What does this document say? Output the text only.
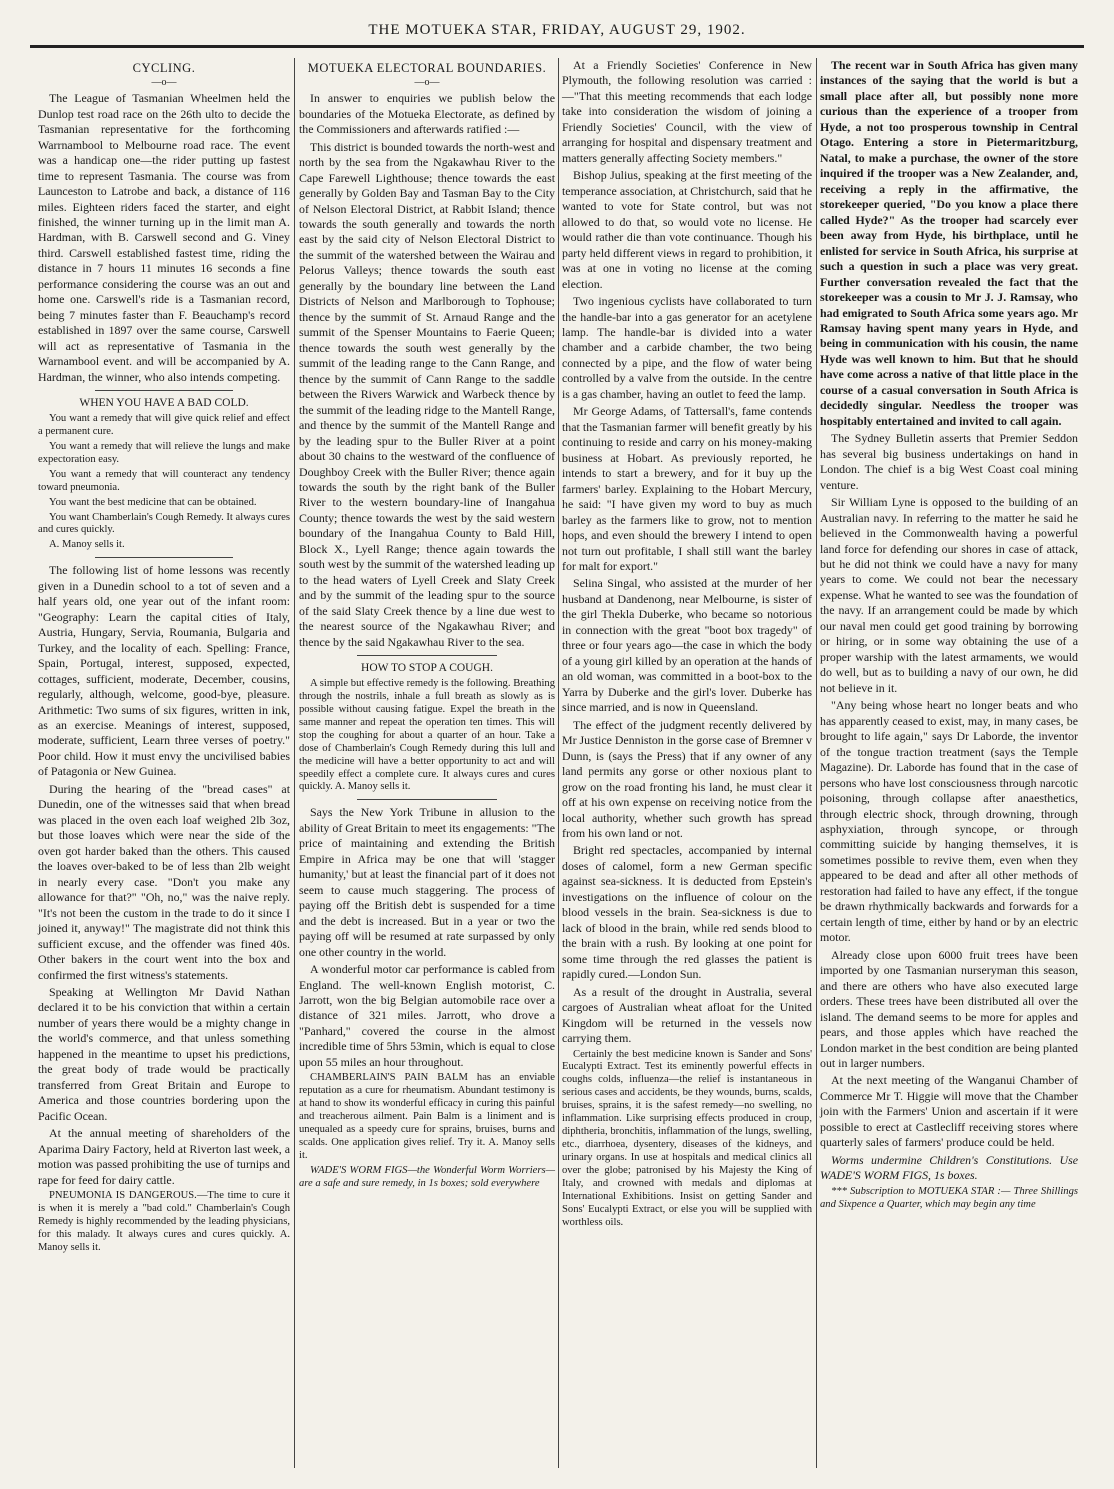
THE MOTUEKA STAR, FRIDAY, AUGUST 29, 1902.
CYCLING.
—o—

The League of Tasmanian Wheelmen held the Dunlop test road race on the 26th ulto to decide the Tasmanian representative for the forthcoming Warrnambool to Melbourne road race. The event was a handicap one—the rider putting up fastest time to represent Tasmania. The course was from Launceston to Latrobe and back, a distance of 116 miles. Eighteen riders faced the starter, and eight finished, the winner turning up in the limit man A. Hardman, with B. Carswell second and G. Viney third. Carswell established fastest time, riding the distance in 7 hours 11 minutes 16 seconds a fine performance considering the course was an out and home one. Carswell's ride is a Tasmanian record, being 7 minutes faster than F. Beauchamp's record established in 1897 over the same course, Carswell will act as representative of Tasmania in the Warnambool event. and will be accompanied by A. Hardman, the winner, who also intends competing.

WHEN YOU HAVE A BAD COLD.

You want a remedy that will give quick relief and effect a permanent cure.

You want a remedy that will relieve the lungs and make expectoration easy.

You want a remedy that will counteract any tendency toward pneumonia.

You want the best medicine that can be obtained.

You want Chamberlain's Cough Remedy. It always cures and cures quickly.

A. Manoy sells it.

The following list of home lessons was recently given in a Dunedin school to a tot of seven and a half years old, one year out of the infant room: "Geography: Learn the capital cities of Italy, Austria, Hungary, Servia, Roumania, Bulgaria and Turkey, and the locality of each. Spelling: France, Spain, Portugal, interest, supposed, expected, cottages, sufficient, moderate, December, cousins, regularly, although, welcome, good-bye, pleasure. Arithmetic: Two sums of six figures, written in ink, as an exercise. Meanings of interest, supposed, moderate, sufficient, Learn three verses of poetry." Poor child. How it must envy the uncivilised babies of Patagonia or New Guinea.

During the hearing of the "bread cases" at Dunedin, one of the witnesses said that when bread was placed in the oven each loaf weighed 2lb 3oz, but those loaves which were near the side of the oven got harder baked than the others. This caused the loaves over-baked to be of less than 2lb weight in nearly every case. "Don't you make any allowance for that?" "Oh, no," was the naive reply. "It's not been the custom in the trade to do it since I joined it, anyway!" The magistrate did not think this sufficient excuse, and the offender was fined 40s. Other bakers in the court went into the box and confirmed the first witness's statements.

Speaking at Wellington Mr David Nathan declared it to be his conviction that within a certain number of years there would be a mighty change in the world's commerce, and that unless something happened in the meantime to upset his predictions, the great body of trade would be practically transferred from Great Britain and Europe to America and those countries bordering upon the Pacific Ocean.

At the annual meeting of shareholders of the Aparima Dairy Factory, held at Riverton last week, a motion was passed prohibiting the use of turnips and rape for feed for dairy cattle.

PNEUMONIA IS DANGEROUS.—The time to cure it is when it is merely a "bad cold." Chamberlain's Cough Remedy is highly recommended by the leading physicians, for this malady. It always cures and cures quickly. A. Manoy sells it.

MOTUEKA ELECTORAL BOUNDARIES.
—o—

In answer to enquiries we publish below the boundaries of the Motueka Electorate, as defined by the Commissioners and afterwards ratified :—

This district is bounded towards the north-west and north by the sea from the Ngakawhau River to the Cape Farewell Lighthouse; thence towards the east generally by Golden Bay and Tasman Bay to the City of Nelson Electoral District, at Rabbit Island; thence towards the south generally and towards the north east by the said city of Nelson Electoral District to the summit of the watershed between the Wairau and Pelorus Valleys; thence towards the south east generally by the boundary line between the Land Districts of Nelson and Marlborough to Tophouse; thence by the summit of St. Arnaud Range and the summit of the Spenser Mountains to Faerie Queen; thence towards the south west generally by the summit of the leading range to the Cann Range, and thence by the summit of Cann Range to the saddle between the Rivers Warwick and Warbeck thence by the summit of the leading ridge to the Mantell Range, and thence by the summit of the Mantell Range and by the leading spur to the Buller River at a point about 30 chains to the westward of the confluence of Doughboy Creek with the Buller River; thence again towards the south by the right bank of the Buller River to the western boundary-line of Inangahua County; thence towards the west by the said western boundary of the Inangahua County to Bald Hill, Block X., Lyell Range; thence again towards the south west by the summit of the watershed leading up to the head waters of Lyell Creek and Slaty Creek and by the summit of the leading spur to the source of the said Slaty Creek thence by a line due west to the nearest source of the Ngakawhau River; and thence by the said Ngakawhau River to the sea.

HOW TO STOP A COUGH.

A simple but effective remedy is the following. Breathing through the nostrils, inhale a full breath as slowly as is possible without causing fatigue. Expel the breath in the same manner and repeat the operation ten times. This will stop the coughing for about a quarter of an hour. Take a dose of Chamberlain's Cough Remedy during this lull and the medicine will have a better opportunity to act and will speedily effect a complete cure. It always cures and cures quickly. A. Manoy sells it.

Says the New York Tribune in allusion to the ability of Great Britain to meet its engagements: "The price of maintaining and extending the British Empire in Africa may be one that will 'stagger humanity,' but at least the financial part of it does not seem to cause much staggering. The process of paying off the British debt is suspended for a time and the debt is increased. But in a year or two the paying off will be resumed at rate surpassed by only one other country in the world.

A wonderful motor car performance is cabled from England. The well-known English motorist, C. Jarrott, won the big Belgian automobile race over a distance of 321 miles. Jarrott, who drove a "Panhard," covered the course in the almost incredible time of 5hrs 53min, which is equal to close upon 55 miles an hour throughout.

CHAMBERLAIN'S PAIN BALM has an enviable reputation as a cure for rheumatism. Abundant testimony is at hand to show its wonderful efficacy in curing this painful and treacherous ailment. Pain Balm is a liniment and is unequaled as a speedy cure for sprains, bruises, burns and scalds. One application gives relief. Try it. A. Manoy sells it.

WADE'S WORM FIGS—the Wonderful Worm Worriers—are a safe and sure remedy, in 1s boxes; sold everywhere

At a Friendly Societies' Conference in New Plymouth, the following resolution was carried :—"That this meeting recommends that each lodge take into consideration the wisdom of joining a Friendly Societies' Council, with the view of arranging for hospital and dispensary treatment and matters generally affecting Society members."

Bishop Julius, speaking at the first meeting of the temperance association, at Christchurch, said that he wanted to vote for State control, but was not allowed to do that, so would vote no license. He would rather die than vote continuance. Though his party held different views in regard to prohibition, it was at one in voting no license at the coming election.

Two ingenious cyclists have collaborated to turn the handle-bar into a gas generator for an acetylene lamp. The handle-bar is divided into a water chamber and a carbide chamber, the two being connected by a pipe, and the flow of water being controlled by a valve from the outside. In the centre is a gas chamber, having an outlet to feed the lamp.

Mr George Adams, of Tattersall's, fame contends that the Tasmanian farmer will benefit greatly by his continuing to reside and carry on his money-making business at Hobart. As previously reported, he intends to start a brewery, and for it buy up the farmers' barley. Explaining to the Hobart Mercury, he said: "I have given my word to buy as much barley as the farmers like to grow, not to mention hops, and even should the brewery I intend to open not turn out profitable, I shall still want the barley for malt for export."

Selina Singal, who assisted at the murder of her husband at Dandenong, near Melbourne, is sister of the girl Thekla Duberke, who became so notorious in connection with the great "boot box tragedy" of three or four years ago—the case in which the body of a young girl killed by an operation at the hands of an old woman, was committed in a boot-box to the Yarra by Duberke and the girl's lover. Duberke has since married, and is now in Queensland.

The effect of the judgment recently delivered by Mr Justice Denniston in the gorse case of Bremner v Dunn, is (says the Press) that if any owner of any land permits any gorse or other noxious plant to grow on the road fronting his land, he must clear it off at his own expense on receiving notice from the local authority, whether such growth has spread from his own land or not.

Bright red spectacles, accompanied by internal doses of calomel, form a new German specific against sea-sickness. It is deducted from Epstein's investigations on the influence of colour on the blood vessels in the brain. Sea-sickness is due to lack of blood in the brain, while red sends blood to the brain with a rush. By looking at one point for some time through the red glasses the patient is rapidly cured.—London Sun.

As a result of the drought in Australia, several cargoes of Australian wheat afloat for the United Kingdom will be returned in the vessels now carrying them.

Certainly the best medicine known is Sander and Sons' Eucalypti Extract. Test its eminently powerful effects in coughs colds, influenza—the relief is instantaneous in serious cases and accidents, be they wounds, burns, scalds, bruises, sprains, it is the safest remedy—no swelling, no inflammation. Like surprising effects produced in croup, diphtheria, bronchitis, inflammation of the lungs, swelling, etc., diarrhoea, dysentery, diseases of the kidneys, and urinary organs. In use at hospitals and medical clinics all over the globe; patronised by his Majesty the King of Italy, and crowned with medals and diplomas at International Exhibitions. Insist on getting Sander and Sons' Eucalypti Extract, or else you will be supplied with worthless oils.

The recent war in South Africa has given many instances of the saying that the world is but a small place after all, but possibly none more curious than the experience of a trooper from Hyde, a not too prosperous township in Central Otago. Entering a store in Pietermaritzburg, Natal, to make a purchase, the owner of the store inquired if the trooper was a New Zealander, and, receiving a reply in the affirmative, the storekeeper queried, "Do you know a place there called Hyde?" As the trooper had scarcely ever been away from Hyde, his birthplace, until he enlisted for service in South Africa, his surprise at such a question in such a place was very great. Further conversation revealed the fact that the storekeeper was a cousin to Mr J. J. Ramsay, who had emigrated to South Africa some years ago. Mr Ramsay having spent many years in Hyde, and being in communication with his cousin, the name Hyde was well known to him. But that he should have come across a native of that little place in the course of a casual conversation in South Africa is decidedly singular. Needless the trooper was hospitably entertained and invited to call again.

The Sydney Bulletin asserts that Premier Seddon has several big business undertakings on hand in London. The chief is a big West Coast coal mining venture.

Sir William Lyne is opposed to the building of an Australian navy. In referring to the matter he said he believed in the Commonwealth having a powerful land force for defending our shores in case of attack, but he did not think we could have a navy for many years to come. We could not bear the necessary expense. What he wanted to see was the foundation of the navy. If an arrangement could be made by which our naval men could get good training by borrowing or hiring, or in some way obtaining the use of a proper warship with the latest armaments, we would do well, but as to building a navy of our own, he did not believe in it.

"Any being whose heart no longer beats and who has apparently ceased to exist, may, in many cases, be brought to life again," says Dr Laborde, the inventor of the tongue traction treatment (says the Temple Magazine). Dr. Laborde has found that in the case of persons who have lost consciousness through narcotic poisoning, through collapse after anaesthetics, through electric shock, through drowning, through asphyxiation, through syncope, or through committing suicide by hanging themselves, it is sometimes possible to revive them, even when they appeared to be dead and after all other methods of restoration had failed to have any effect, if the tongue be drawn rhythmically backwards and forwards for a certain length of time, either by hand or by an electric motor.

Already close upon 6000 fruit trees have been imported by one Tasmanian nurseryman this season, and there are others who have also executed large orders. These trees have been distributed all over the island. The demand seems to be more for apples and pears, and those apples which have reached the London market in the best condition are being planted out in larger numbers.

At the next meeting of the Wanganui Chamber of Commerce Mr T. Higgie will move that the Chamber join with the Farmers' Union and ascertain if it were possible to erect at Castlecliff receiving stores where quarterly sales of farmers' produce could be held.

Worms undermine Children's Constitutions. Use WADE'S WORM FIGS, 1s boxes.

*** Subscription to MOTUEKA STAR :— Three Shillings and Sixpence a Quarter, which may begin any time
